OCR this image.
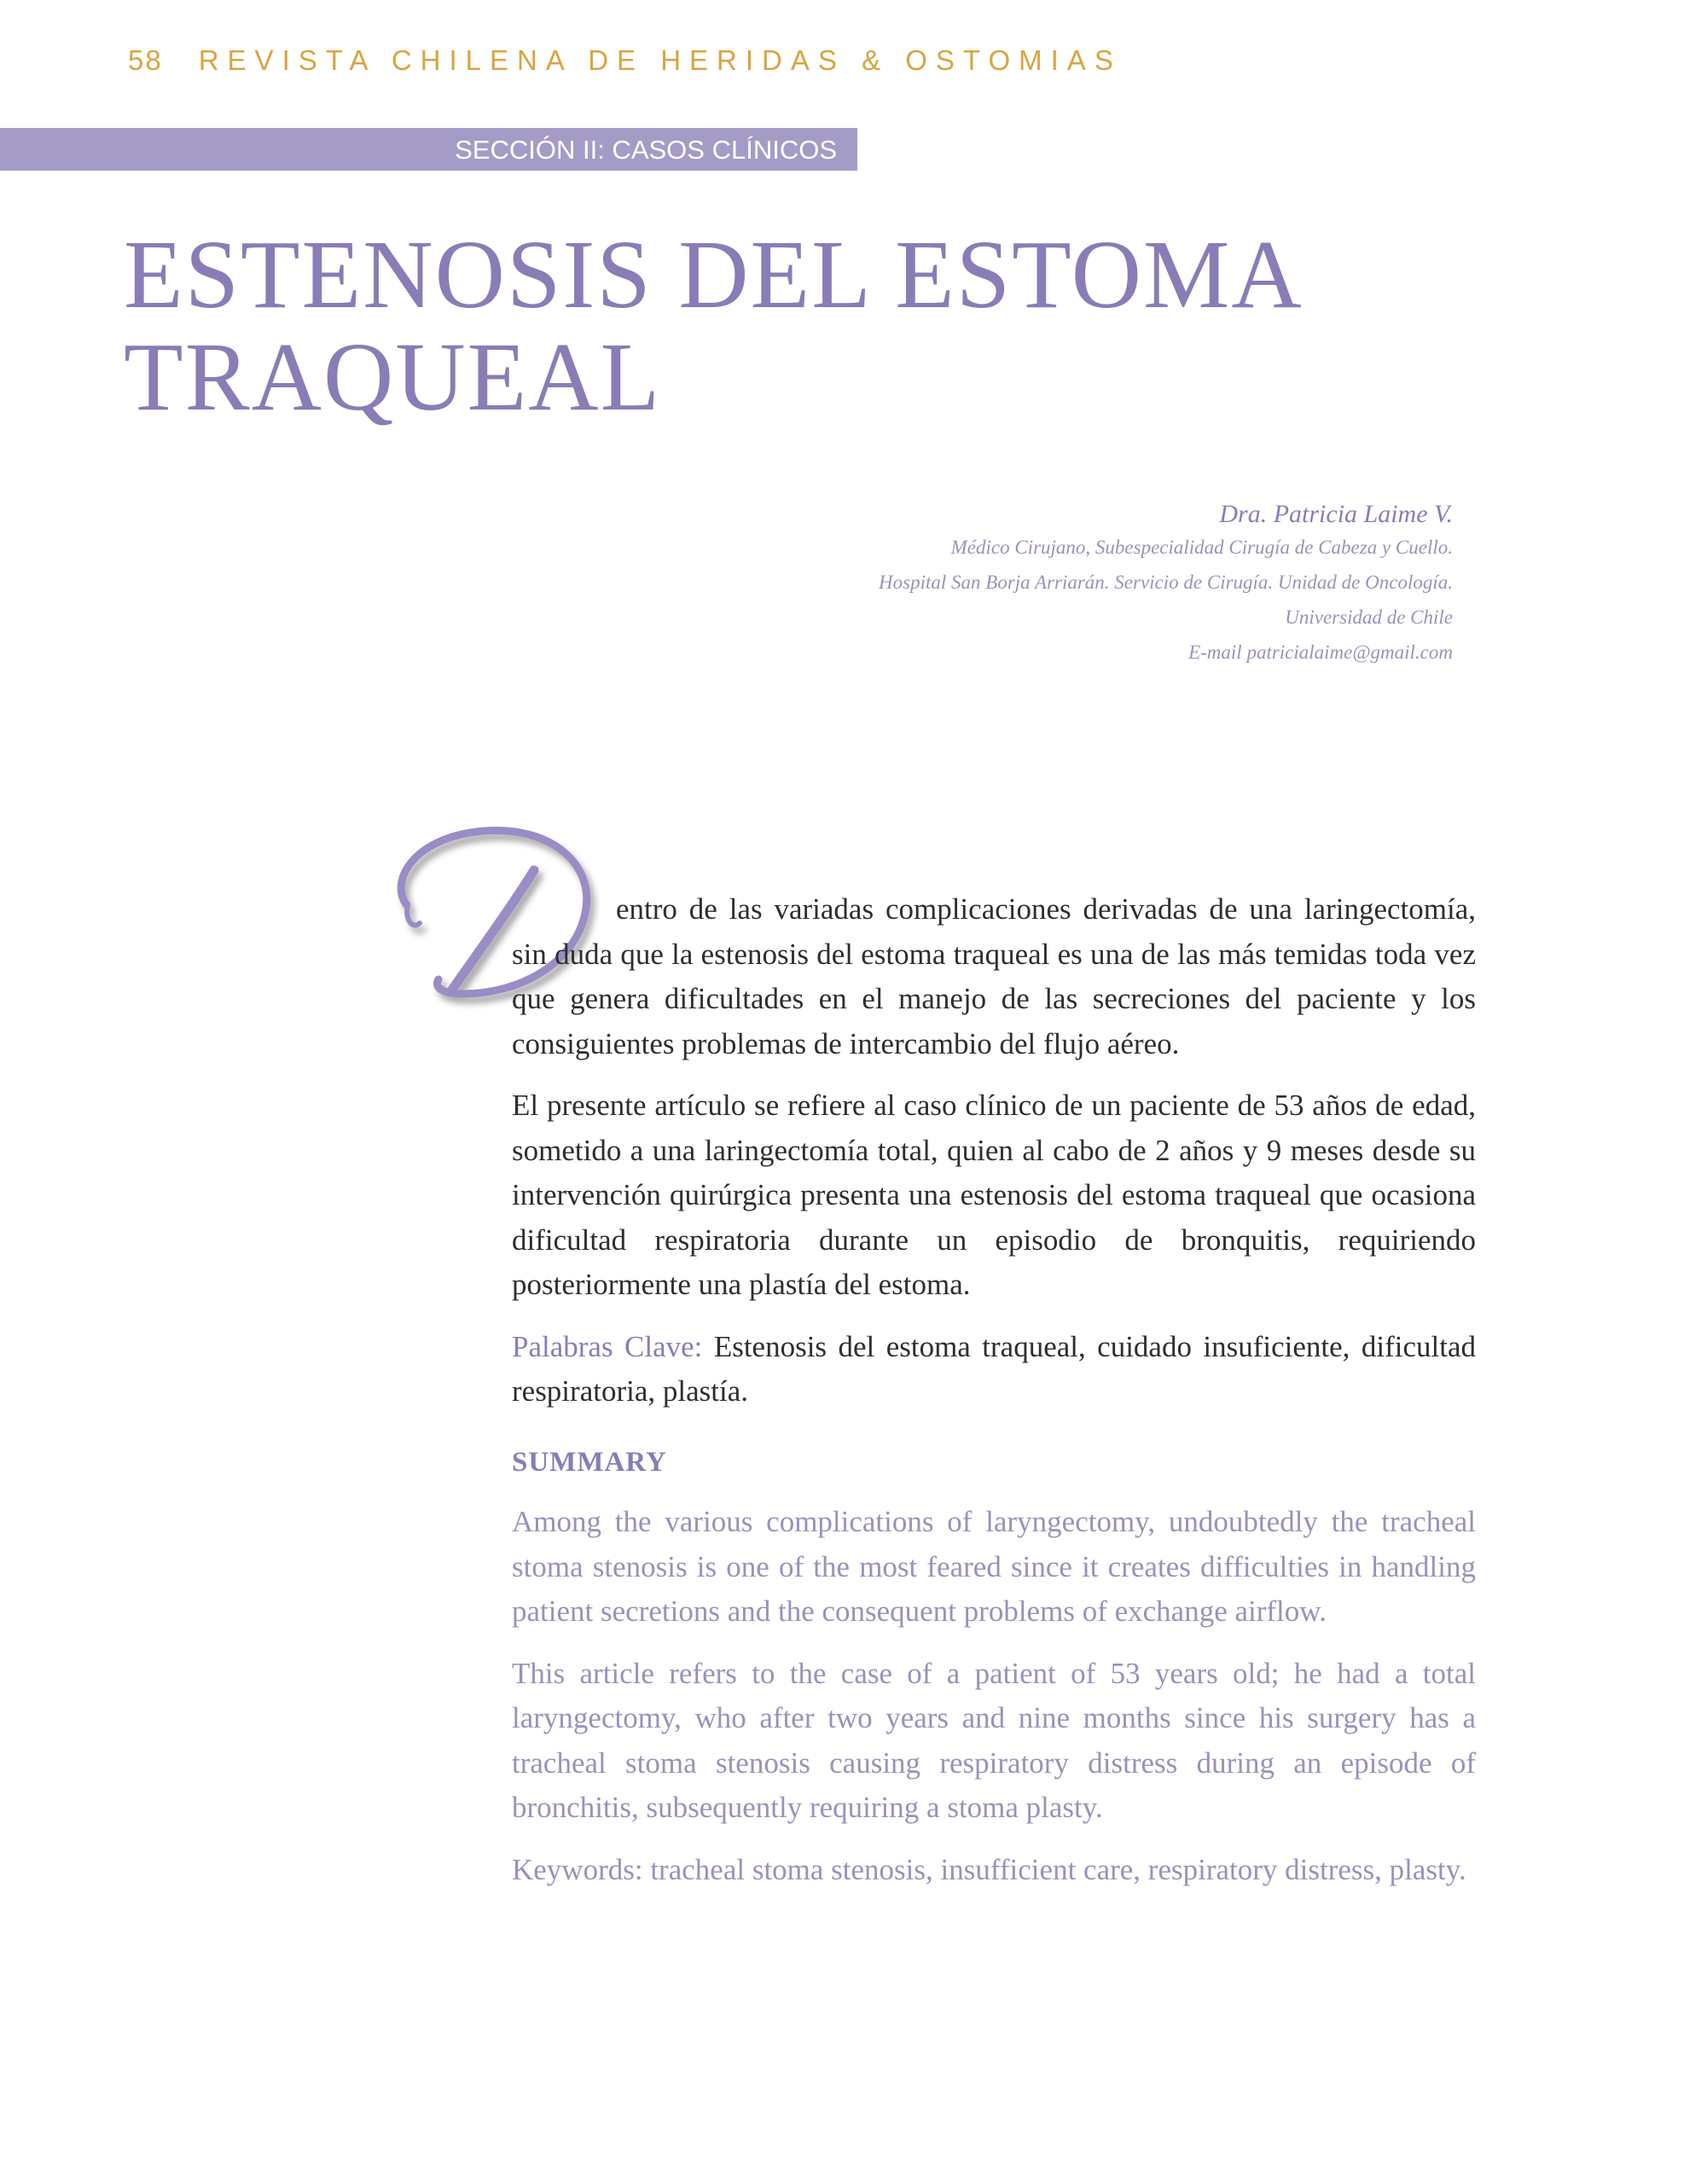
58 REVISTA CHILENA DE HERIDAS & OSTOMIAS
SECCIÓN II: CASOS CLÍNICOS
ESTENOSIS DEL ESTOMA
TRAQUEAL
Dra. Patricia Laime V.
Médico Cirujano, Subespecialidad Cirugía de Cabeza y Cuello.
Hospital San Borja Arriarán. Servicio de Cirugía. Unidad de Oncología.
Universidad de Chile
E-mail patricialaime@gmail.com
D

entro de las variadas complicaciones derivadas de una laringectomía, sin duda que la estenosis del estoma traqueal es una de las más temidas toda vez que genera dificultades en el manejo de las secreciones del paciente y los consiguientes problemas de intercambio del flujo aéreo.

El presente artículo se refiere al caso clínico de un paciente de 53 años de edad, sometido a una laringectomía total, quien al cabo de 2 años y 9 meses desde su intervención quirúrgica presenta una estenosis del estoma traqueal que ocasiona dificultad respiratoria durante un episodio de bronquitis, requiriendo posteriormente una plastía del estoma.

Palabras Clave: Estenosis del estoma traqueal, cuidado insuficiente, dificultad respiratoria, plastía.

SUMMARY

Among the various complications of laryngectomy, undoubtedly the tracheal stoma stenosis is one of the most feared since it creates difficulties in handling patient secretions and the consequent problems of exchange airflow.

This article refers to the case of a patient of 53 years old; he had a total laryngectomy, who after two years and nine months since his surgery has a tracheal stoma stenosis causing respiratory distress during an episode of bronchitis, subsequently requiring a stoma plasty.

Keywords: tracheal stoma stenosis, insufficient care, respiratory distress, plasty.
